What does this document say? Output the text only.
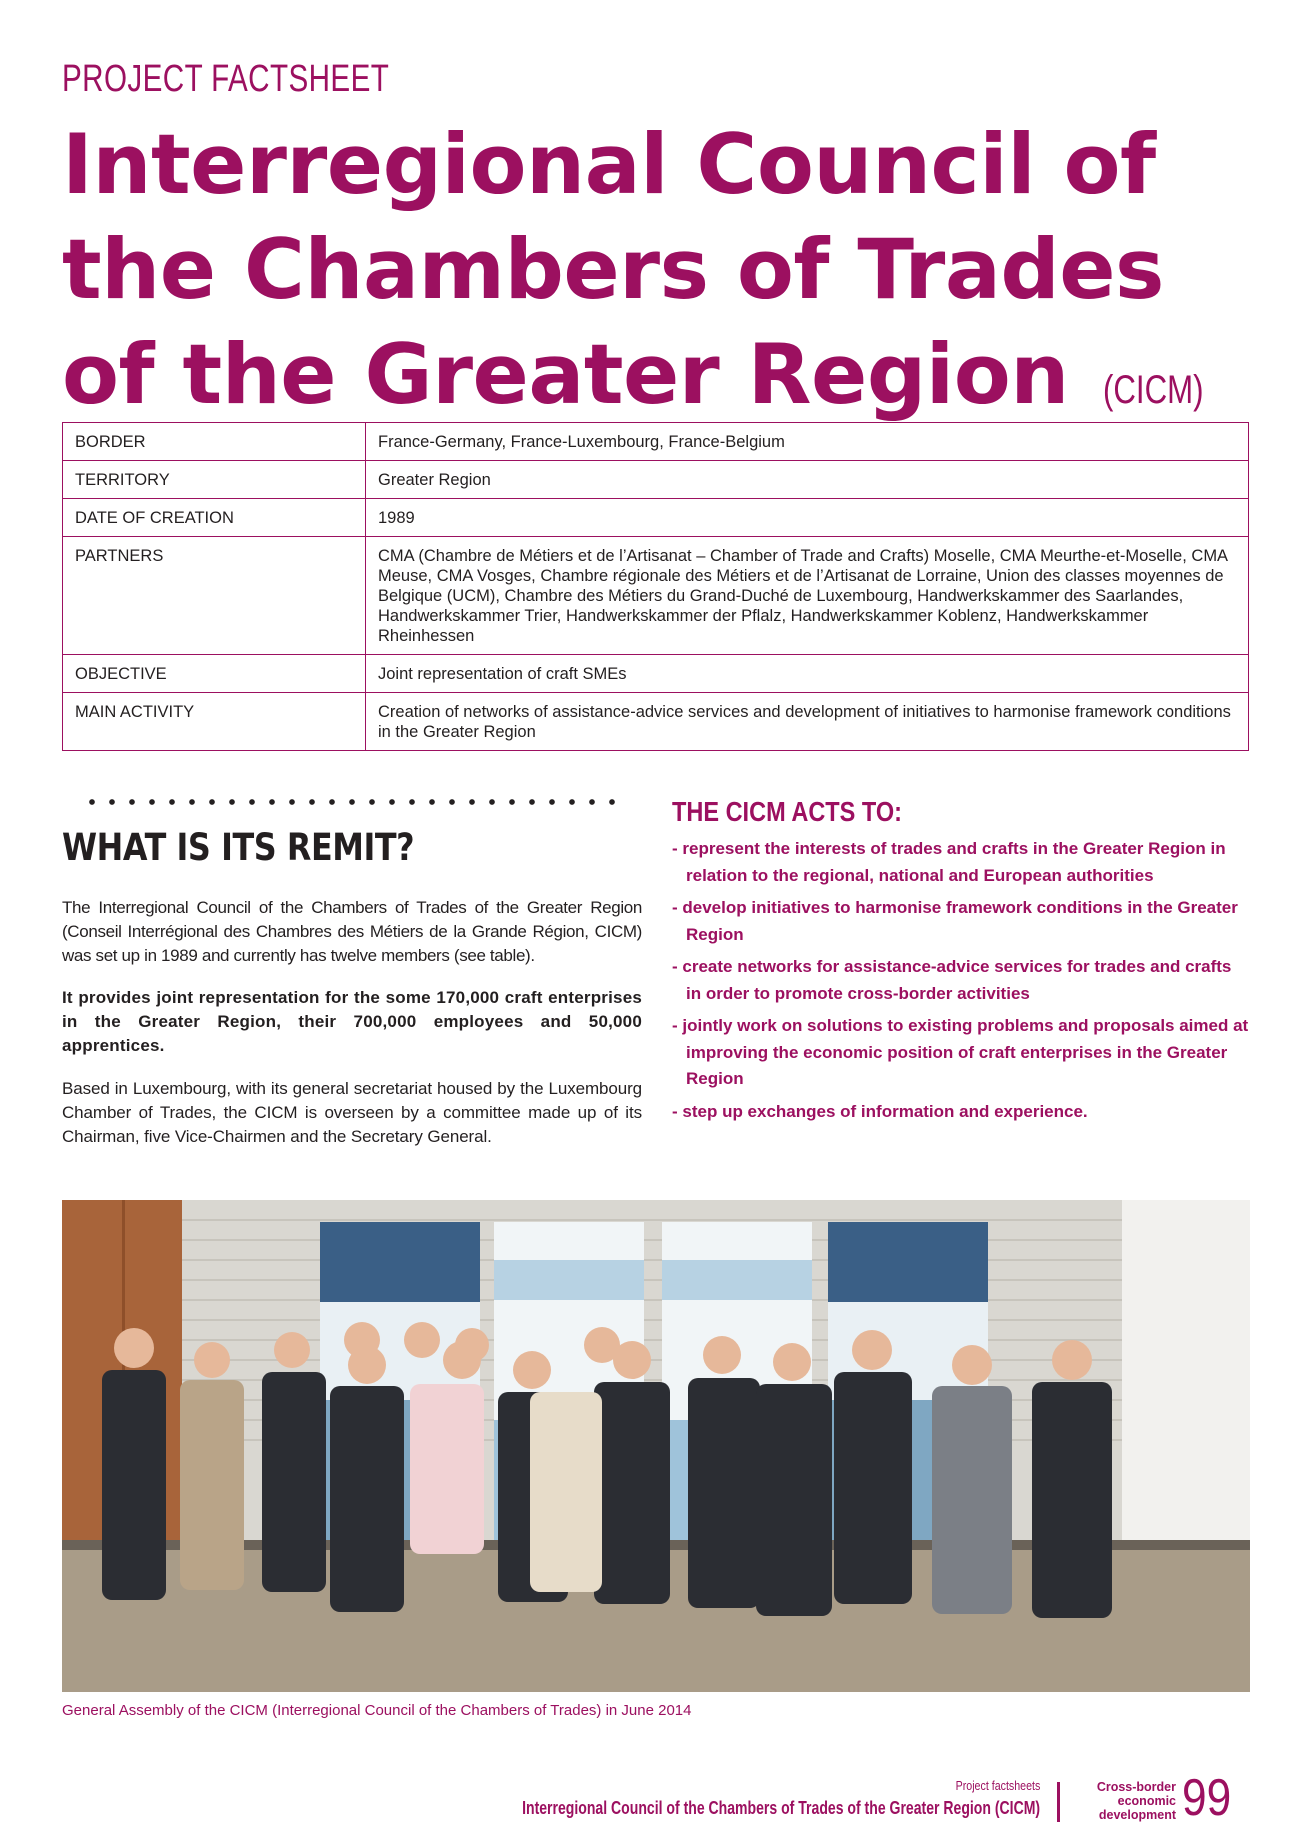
PROJECT FACTSHEET
Interregional Council of
the Chambers of Trades
of the Greater Region (CICM)
BORDER	France-Germany, France-Luxembourg, France-Belgium
TERRITORY	Greater Region
DATE OF CREATION	1989
PARTNERS	CMA (Chambre de Métiers et de l’Artisanat – Chamber of Trade and Crafts) Moselle, CMA Meurthe-et-Moselle, CMA Meuse, CMA Vosges, Chambre régionale des Métiers et de l’Artisanat de Lorraine, Union des classes moyennes de Belgique (UCM), Chambre des Métiers du Grand-Duché de Luxembourg, Handwerkskammer des Saarlandes, Handwerkskammer Trier, Handwerkskammer der Pflalz, Handwerkskammer Koblenz, Handwerkskammer Rheinhessen
OBJECTIVE	Joint representation of craft SMEs
MAIN ACTIVITY	Creation of networks of assistance-advice services and development of initiatives to harmonise framework conditions in the Greater Region
WHAT IS ITS REMIT?

The Interregional Council of the Chambers of Trades of the Greater Region (Conseil Interrégional des Chambres des Métiers de la Grande Région, CICM) was set up in 1989 and currently has twelve members (see table).

It provides joint representation for the some 170,000 craft enterprises in the Greater Region, their 700,000 employees and 50,000 apprentices.

Based in Luxembourg, with its general secretariat housed by the Luxembourg Chamber of Trades, the CICM is overseen by a committee made up of its Chairman, five Vice-Chairmen and the Secretary General.

THE CICM ACTS TO:
- represent the interests of trades and crafts in the Greater Region in relation to the regional, national and European authorities
- develop initiatives to harmonise framework conditions in the Greater Region
- create networks for assistance-advice services for trades and crafts in order to promote cross-border activities
- jointly work on solutions to existing problems and proposals aimed at improving the economic position of craft enterprises in the Greater Region
- step up exchanges of information and experience.

General Assembly of the CICM (Interregional Council of the Chambers of Trades) in June 2014

Project factsheets
Interregional Council of the Chambers of Trades of the Greater Region (CICM)
Cross-border
economic
development 99
